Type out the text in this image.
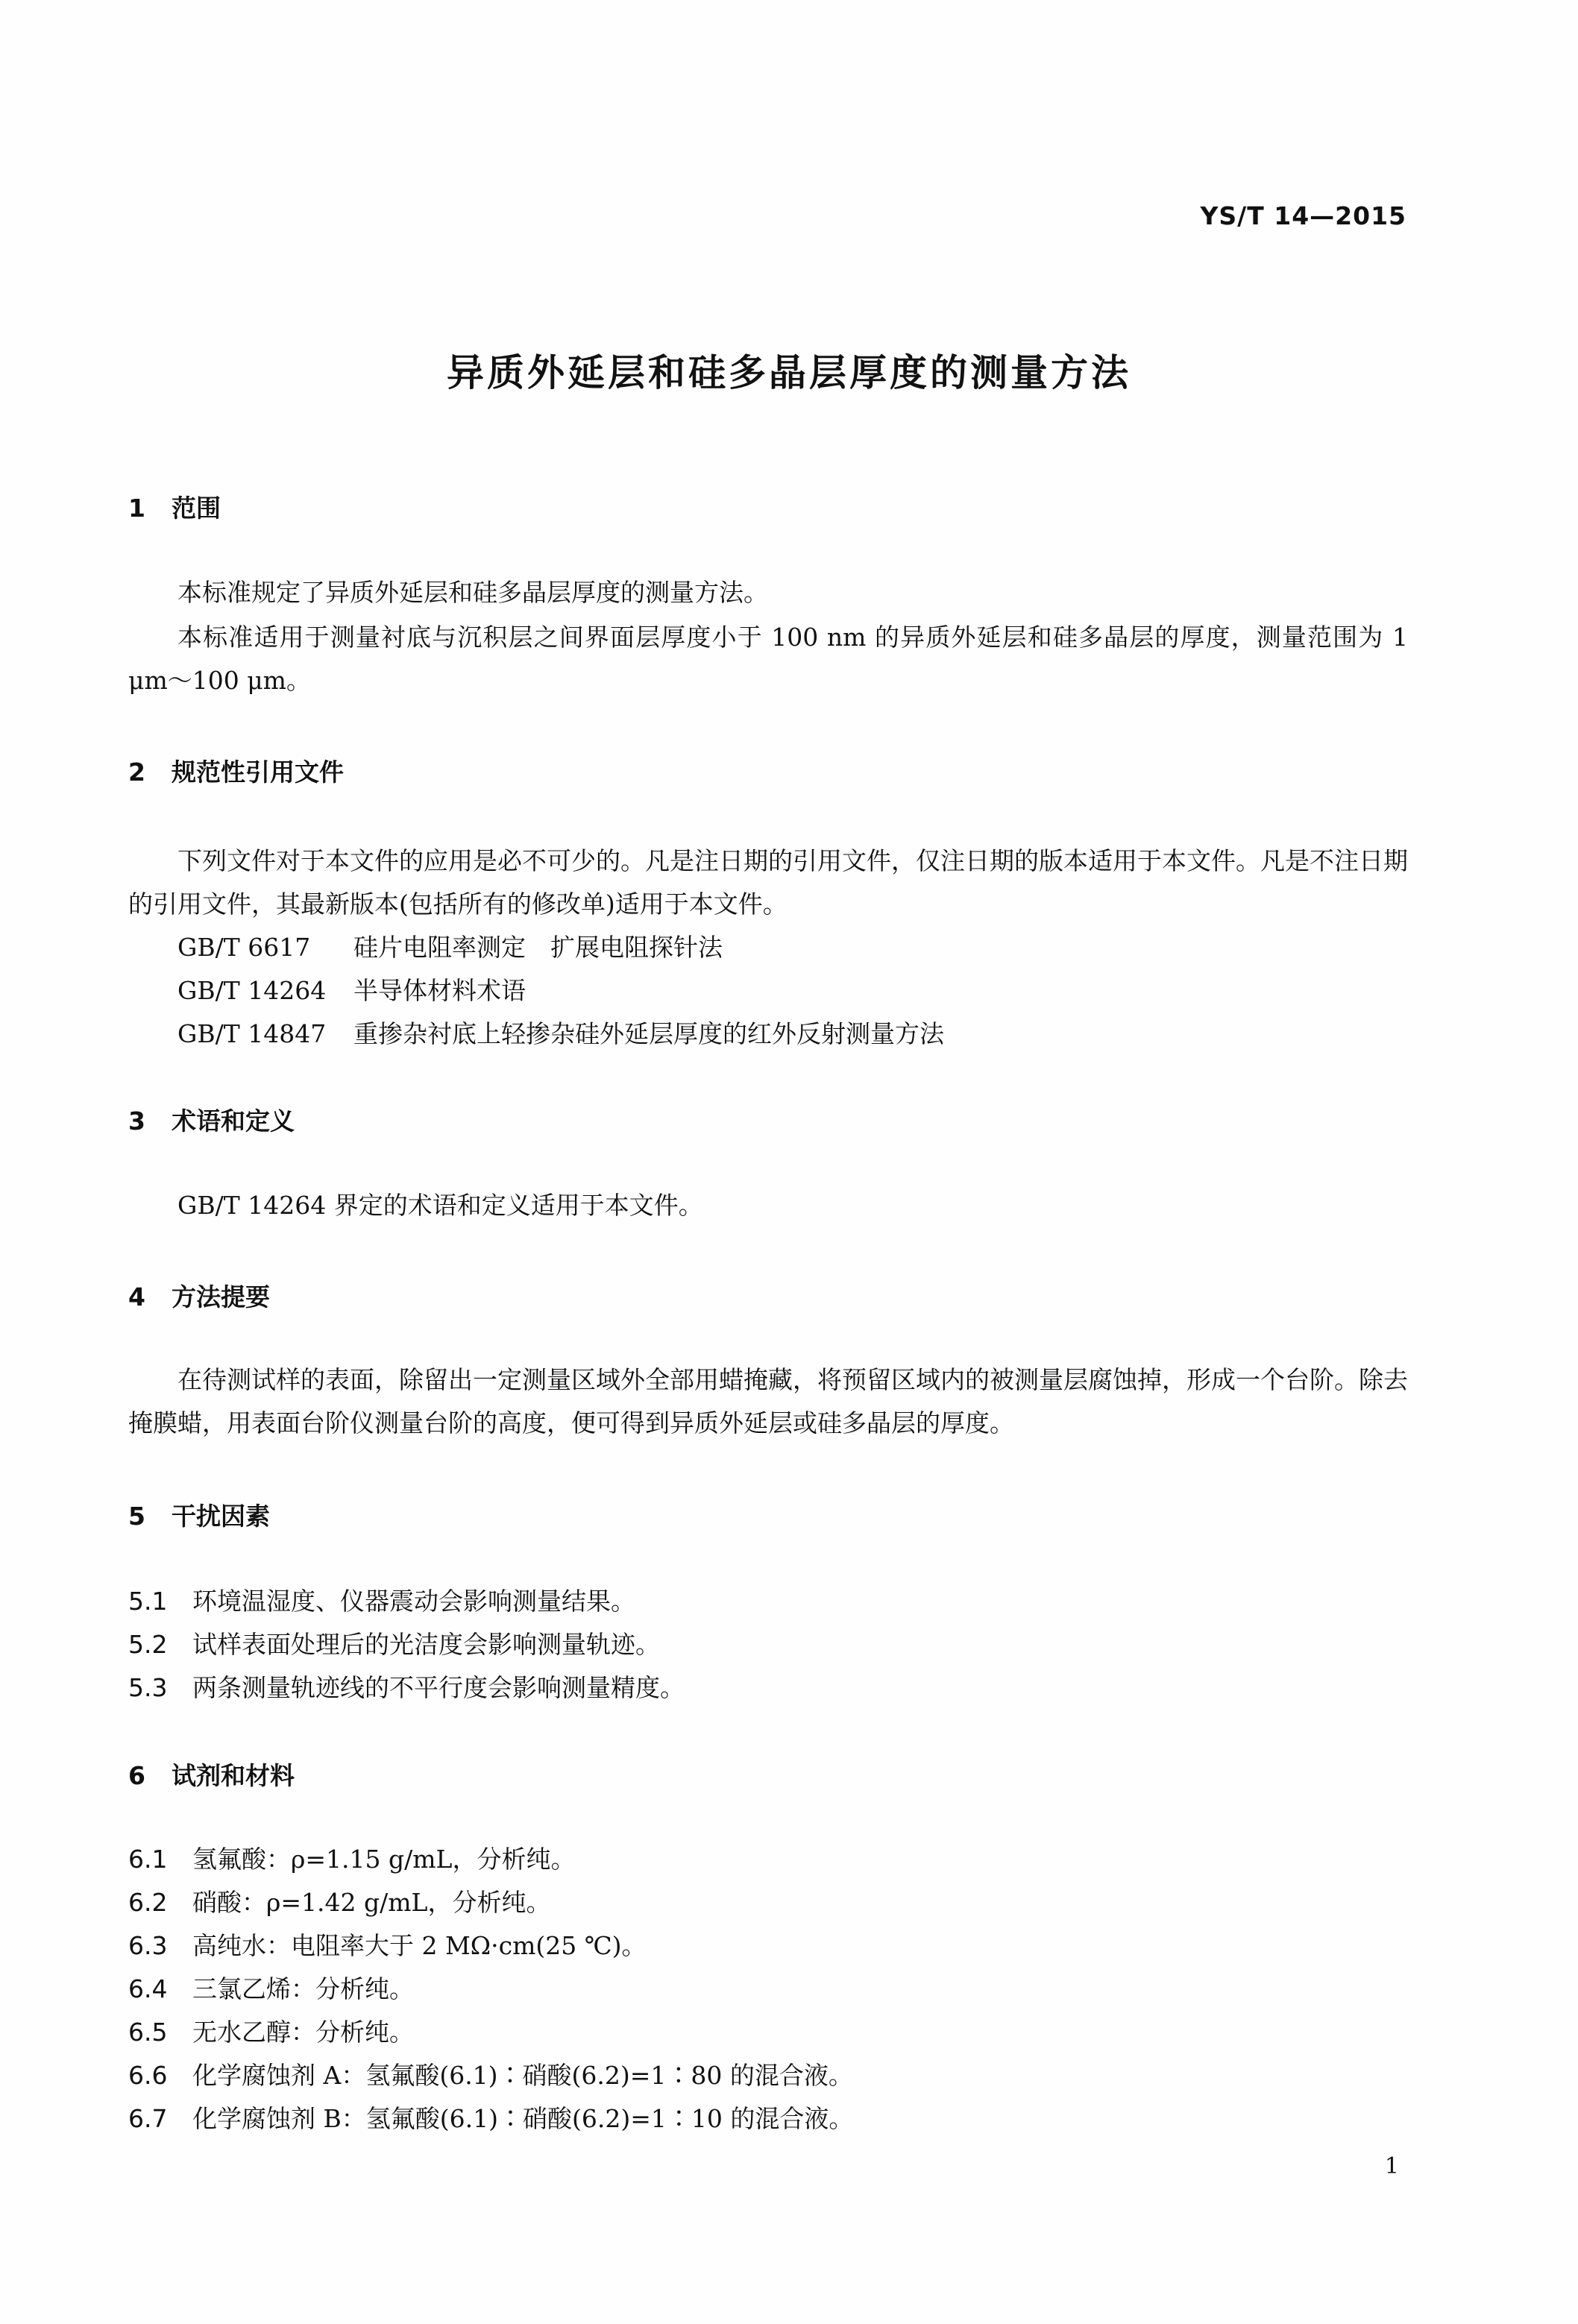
YS/T 14—2015
异质外延层和硅多晶层厚度的测量方法
1 范围

本标准规定了异质外延层和硅多晶层厚度的测量方法。

本标准适用于测量衬底与沉积层之间界面层厚度小于 100 nm 的异质外延层和硅多晶层的厚度，测量范围为 1 μm～100 μm。

2 规范性引用文件

下列文件对于本文件的应用是必不可少的。凡是注日期的引用文件，仅注日期的版本适用于本文件。凡是不注日期的引用文件，其最新版本(包括所有的修改单)适用于本文件。

GB/T 6617 硅片电阻率测定　扩展电阻探针法
GB/T 14264 半导体材料术语
GB/T 14847 重掺杂衬底上轻掺杂硅外延层厚度的红外反射测量方法
3 术语和定义

GB/T 14264 界定的术语和定义适用于本文件。

4 方法提要

在待测试样的表面，除留出一定测量区域外全部用蜡掩藏，将预留区域内的被测量层腐蚀掉，形成一个台阶。除去掩膜蜡，用表面台阶仪测量台阶的高度，便可得到异质外延层或硅多晶层的厚度。

5 干扰因素
5.1 环境温湿度、仪器震动会影响测量结果。
5.2 试样表面处理后的光洁度会影响测量轨迹。
5.3 两条测量轨迹线的不平行度会影响测量精度。
6 试剂和材料
6.1 氢氟酸：ρ=1.15 g/mL，分析纯。
6.2 硝酸：ρ=1.42 g/mL，分析纯。
6.3 高纯水：电阻率大于 2 MΩ·cm(25 ℃)。
6.4 三氯乙烯：分析纯。
6.5 无水乙醇：分析纯。
6.6 化学腐蚀剂 A：氢氟酸(6.1)∶硝酸(6.2)=1∶80 的混合液。
6.7 化学腐蚀剂 B：氢氟酸(6.1)∶硝酸(6.2)=1∶10 的混合液。
1
